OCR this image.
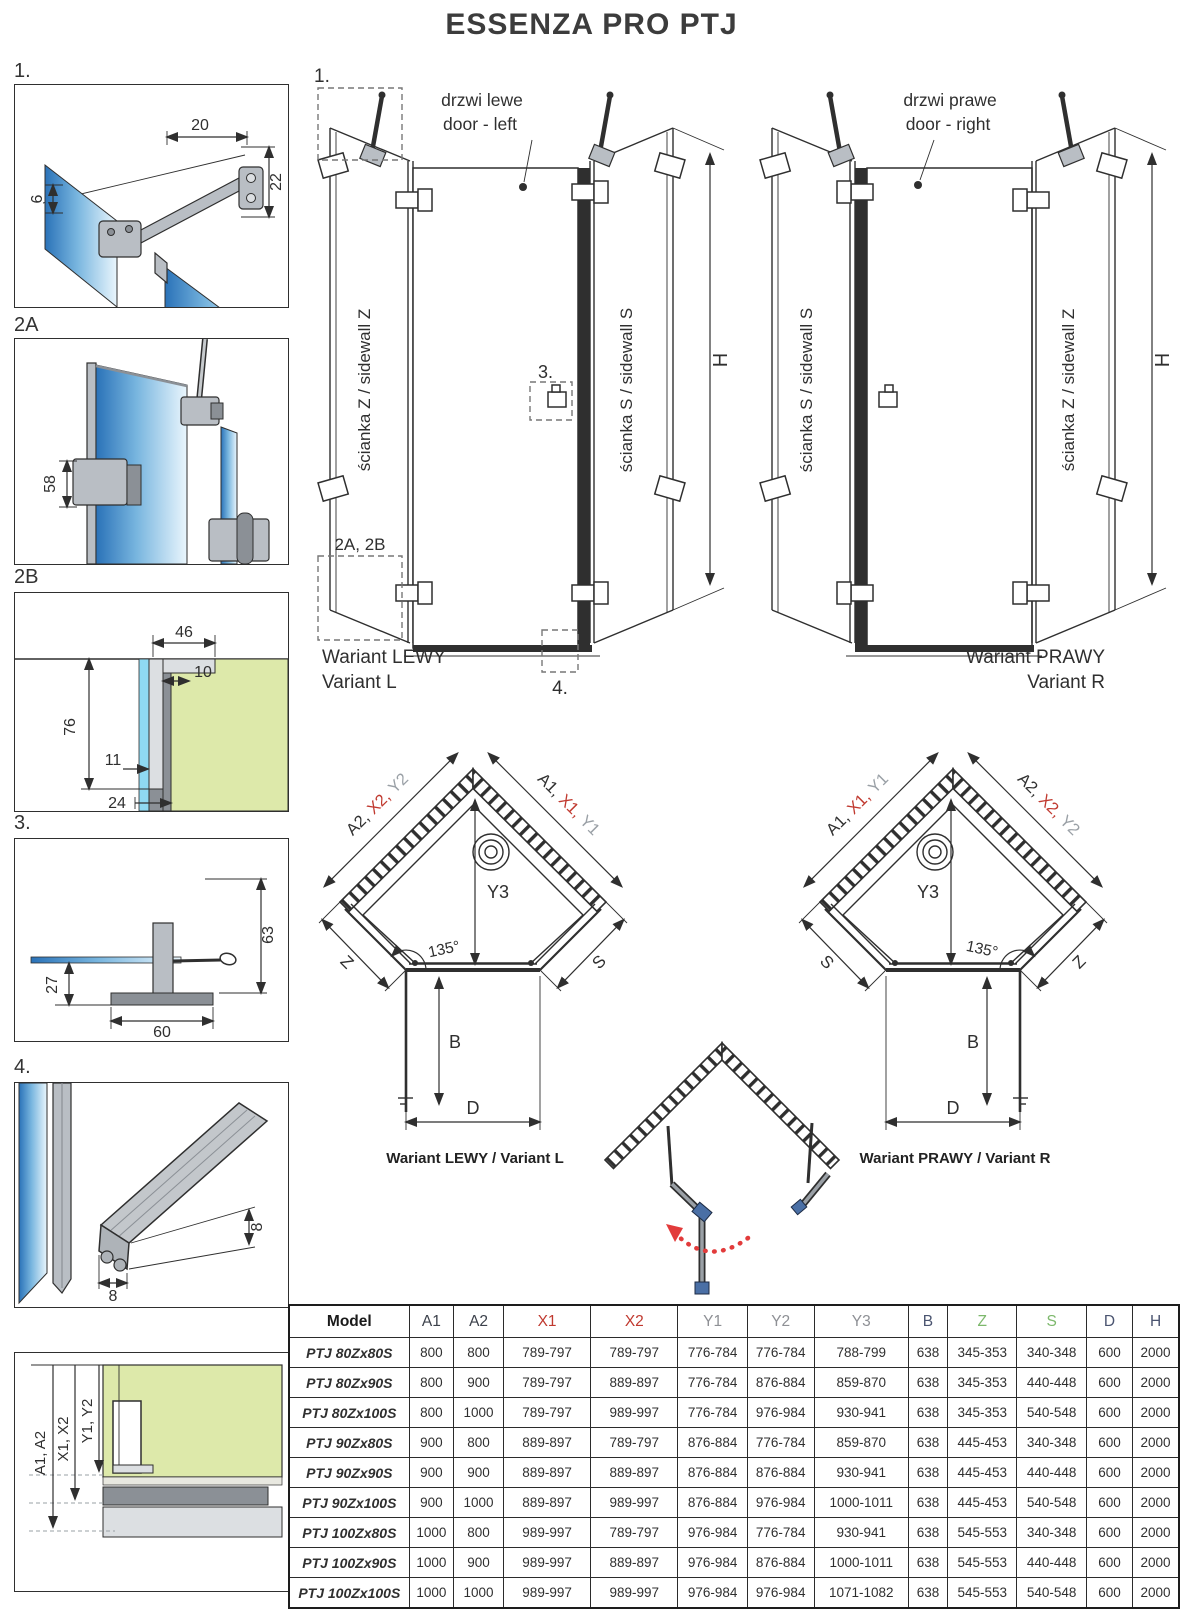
ESSENZA PRO PTJ
1.
20
6
22
2A
58
2B
46
10
76
11
24
3.
63
27
60
4.
8
8
A1, A2 X1, X2 Y1, Y2
3.
1.
2A, 2B
4.
H
ścianka Z / sidewall Z	ścianka S / sidewall S
drzwi lewe
door - left
Wariant LEWY
Variant L
H
ścianka S / sidewall S	ścianka Z / sidewall Z
drzwi prawe
door - right
Wariant PRAWY
Variant R
Y3
135°
A2,X2,Y2	A1,X1,Y1
Z	S
B
D
Wariant LEWY / Variant L
Y3
135°
A1,X1,Y1	A2,X2,Y2
S	Z
B
D
Wariant PRAWY / Variant R
Model	A1	A2	X1	X2	Y1	Y2	Y3	B	Z	S	D	H
PTJ 80Zx80S	800	800	789-797	789-797	776-784	776-784	788-799	638	345-353	340-348	600	2000
PTJ 80Zx90S	800	900	789-797	889-897	776-784	876-884	859-870	638	345-353	440-448	600	2000
PTJ 80Zx100S	800	1000	789-797	989-997	776-784	976-984	930-941	638	345-353	540-548	600	2000
PTJ 90Zx80S	900	800	889-897	789-797	876-884	776-784	859-870	638	445-453	340-348	600	2000
PTJ 90Zx90S	900	900	889-897	889-897	876-884	876-884	930-941	638	445-453	440-448	600	2000
PTJ 90Zx100S	900	1000	889-897	989-997	876-884	976-984	1000-1011	638	445-453	540-548	600	2000
PTJ 100Zx80S	1000	800	989-997	789-797	976-984	776-784	930-941	638	545-553	340-348	600	2000
PTJ 100Zx90S	1000	900	989-997	889-897	976-984	876-884	1000-1011	638	545-553	440-448	600	2000
PTJ 100Zx100S	1000	1000	989-997	989-997	976-984	976-984	1071-1082	638	545-553	540-548	600	2000
